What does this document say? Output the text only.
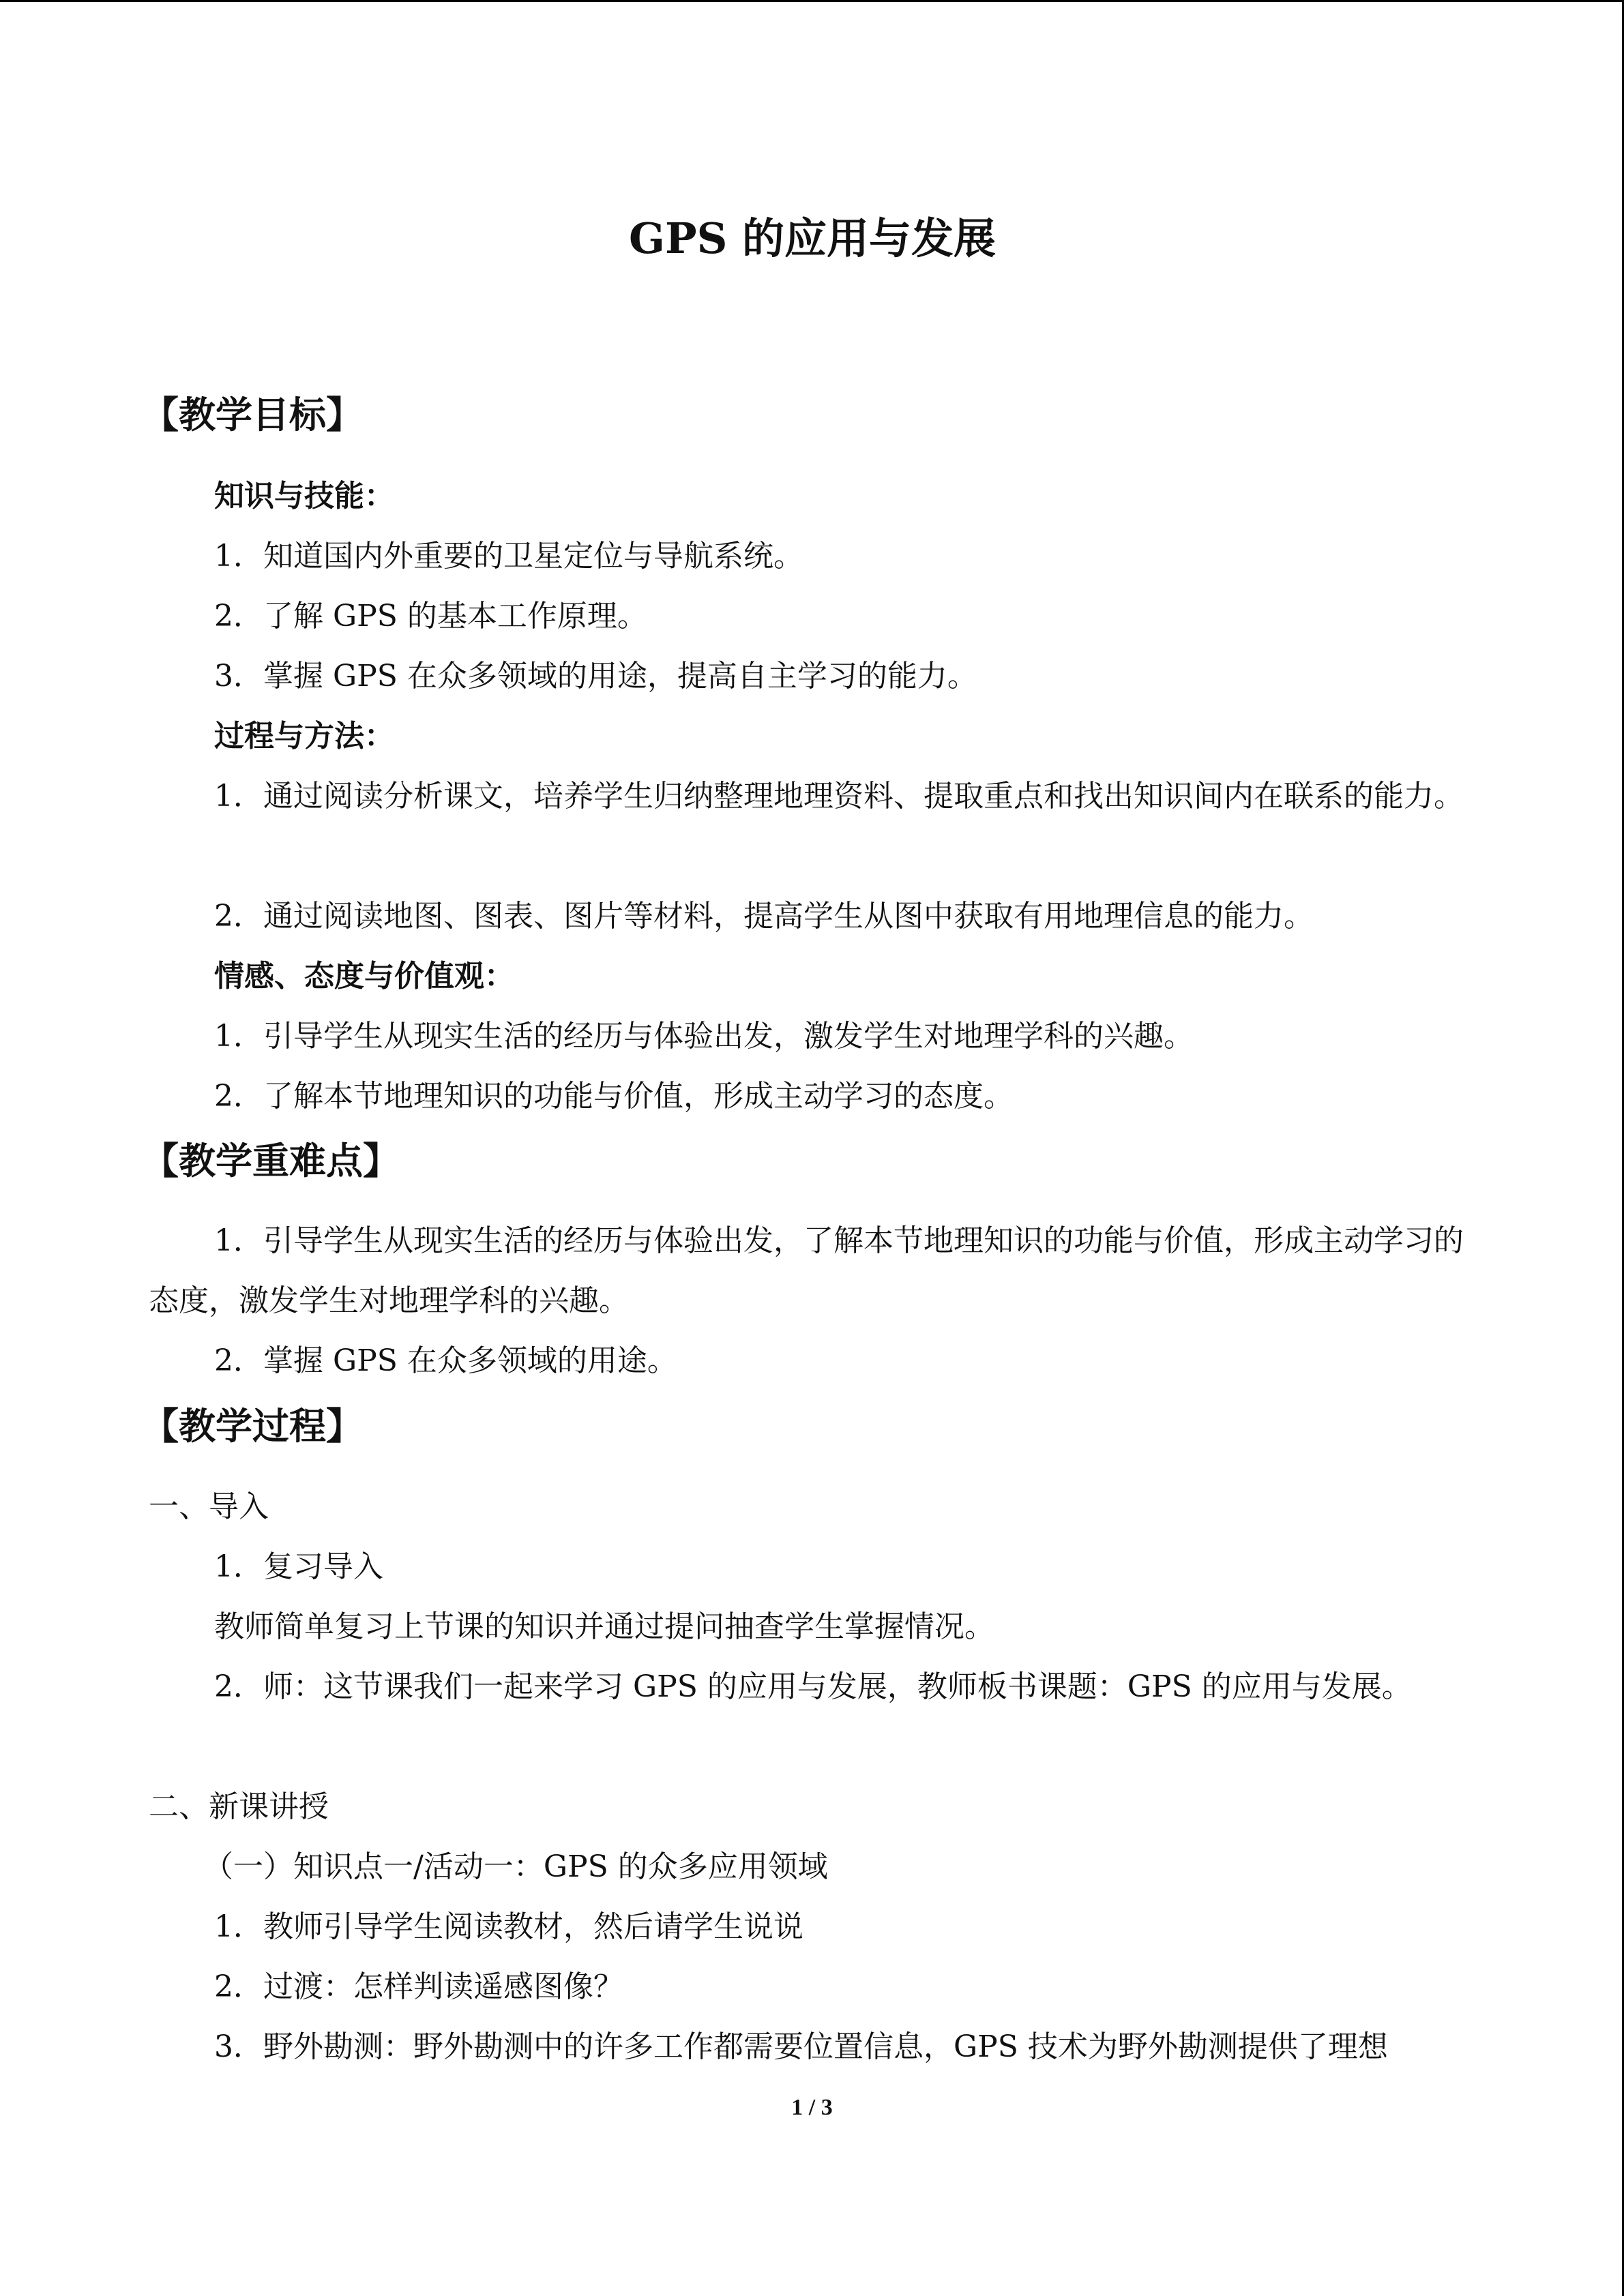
GPS 的应用与发展
【教学目标】
知识与技能：
1．知道国内外重要的卫星定位与导航系统。
2．了解 GPS 的基本工作原理。
3．掌握 GPS 在众多领域的用途，提高自主学习的能力。
过程与方法：
1．通过阅读分析课文，培养学生归纳整理地理资料、提取重点和找出知识间内在联系的能力。
2．通过阅读地图、图表、图片等材料，提高学生从图中获取有用地理信息的能力。
情感、态度与价值观：
1．引导学生从现实生活的经历与体验出发，激发学生对地理学科的兴趣。
2．了解本节地理知识的功能与价值，形成主动学习的态度。
【教学重难点】
1．引导学生从现实生活的经历与体验出发，了解本节地理知识的功能与价值，形成主动学习的态度，激发学生对地理学科的兴趣。
2．掌握 GPS 在众多领域的用途。
【教学过程】
一、导入
1．复习导入
教师简单复习上节课的知识并通过提问抽查学生掌握情况。
2．师：这节课我们一起来学习 GPS 的应用与发展，教师板书课题：GPS 的应用与发展。
二、新课讲授
（一）知识点一/活动一：GPS 的众多应用领域
1．教师引导学生阅读教材，然后请学生说说
2．过渡：怎样判读遥感图像？
3．野外勘测：野外勘测中的许多工作都需要位置信息，GPS 技术为野外勘测提供了理想
1 / 3
